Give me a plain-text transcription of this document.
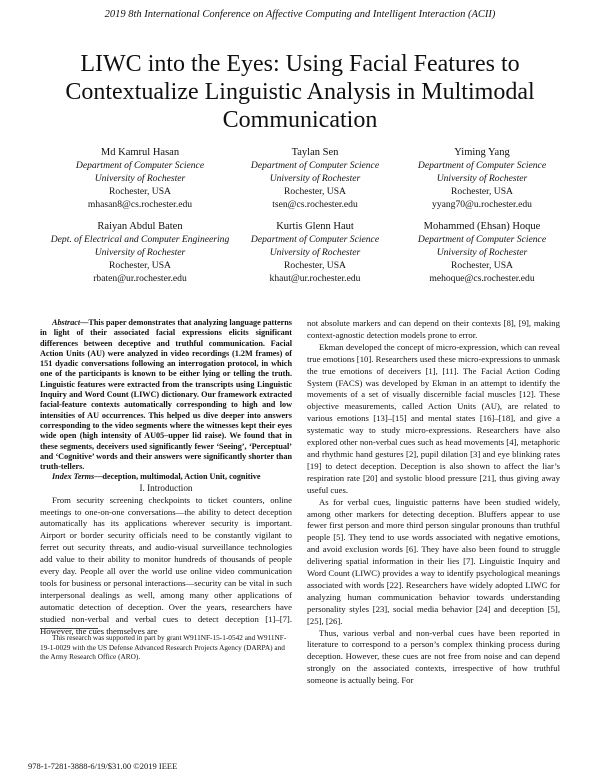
2019 8th International Conference on Affective Computing and Intelligent Interaction (ACII)
LIWC into the Eyes: Using Facial Features to Contextualize Linguistic Analysis in Multimodal Communication
Md Kamrul Hasan
Department of Computer Science
University of Rochester
Rochester, USA
mhasan8@cs.rochester.edu
Taylan Sen
Department of Computer Science
University of Rochester
Rochester, USA
tsen@cs.rochester.edu
Yiming Yang
Department of Computer Science
University of Rochester
Rochester, USA
yyang70@u.rochester.edu
Raiyan Abdul Baten
Dept. of Electrical and Computer Engineering
University of Rochester
Rochester, USA
rbaten@ur.rochester.edu
Kurtis Glenn Haut
Department of Computer Science
University of Rochester
Rochester, USA
khaut@ur.rochester.edu
Mohammed (Ehsan) Hoque
Department of Computer Science
University of Rochester
Rochester, USA
mehoque@cs.rochester.edu

Abstract—This paper demonstrates that analyzing language patterns in light of their associated facial expressions elicits significant differences between deceptive and truthful communication. Facial Action Units (AU) were analyzed in video recordings (1.2M frames) of 151 dyadic conversations following an interrogation protocol, in which one of the participants is known to be either lying or telling the truth. Linguistic features were extracted from the transcripts using Linguistic Inquiry and Word Count (LIWC) dictionary. Our framework extracted facial-feature contexts automatically corresponding to high and low intensities of AU occurrences. This helped us dive deeper into answers corresponding to the video segments where the witnesses kept their eyes wide open (high intensity of AU05–upper lid raise). We found that in these segments, deceivers used significantly fewer ‘Seeing’, ‘Perceptual’ and ‘Cognitive’ words and their answers were significantly shorter than truth-tellers.

Index Terms—deception, multimodal, Action Unit, cognitive

I. Introduction

From security screening checkpoints to ticket counters, online meetings to one-on-one conversations—the ability to detect deception automatically has its applications wherever security is important. Airport or border security officials need to be constantly vigilant to ferret out security threats, and audio-visual surveillance technologies add value to their ability to monitor hundreds of thousands of people every day. People all over the world use online video communication tools for business or personal interactions—security can be vital in such interpersonal dealings as well, among many other applications of automatic detection of deception. Over the years, researchers have studied non-verbal and verbal cues to detect deception [1]–[7]. However, the cues themselves are

This research was supported in part by grant W911NF-15-1-0542 and W911NF-19-1-0029 with the US Defense Advanced Research Projects Agency (DARPA) and the Army Research Office (ARO).

not absolute markers and can depend on their contexts [8], [9], making context-agnostic detection models prone to error.

Ekman developed the concept of micro-expression, which can reveal true emotions [10]. Researchers used these micro-expressions to unmask the true emotions of deceivers [1], [11]. The Facial Action Coding System (FACS) was developed by Ekman in an attempt to identify the movements of a set of visually discernible facial muscles [12]. These objective measurements, called Action Units (AU), are related to various emotions [13]–[15] and mental states [16]–[18], and give a systematic way to study micro-expressions. Researchers have also explored other non-verbal cues such as head movements [4], metaphoric and rhythmic hand gestures [2], pupil dilation [3] and eye blinking rates [19] to detect deception. Deception is also shown to affect the liar’s respiration rate [20] and systolic blood pressure [21], thus giving away useful cues.

As for verbal cues, linguistic patterns have been studied widely, among other markers for detecting deception. Bluffers appear to use fewer first person and more third person singular pronouns than truthful people [5]. They tend to use words associated with negative emotions, and avoid exclusion words [6]. They have also been found to struggle delivering spatial information in their lies [7]. Linguistic Inquiry and Word Count (LIWC) provides a way to identify psychological meanings associated with words [22]. Researchers have widely adopted LIWC for analyzing human communication behavior towards understanding personality styles [23], social media behavior [24] and deception [5], [25], [26].

Thus, various verbal and non-verbal cues have been reported in literature to correspond to a person’s complex thinking process during deception. However, these cues are not free from noise and can depend strongly on the associated contexts, irrespective of how truthful someone is actually being. For

978-1-7281-3888-6/19/$31.00 ©2019 IEEE
